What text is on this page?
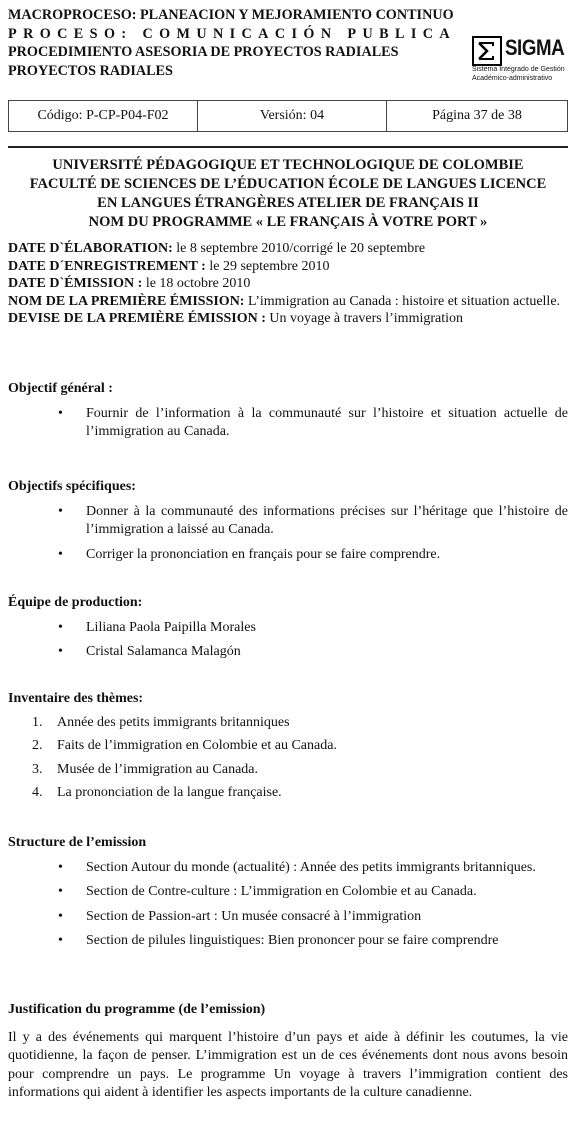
MACROPROCESO: PLANEACION Y MEJORAMIENTO CONTINUO
PROCESO: COMUNICACIÓN PUBLICA
PROCEDIMIENTO ASESORIA DE PROYECTOS RADIALES
PROYECTOS RADIALES
SIGMA
Sistema Integrado de Gestión
Académico-administrativo
Código: P-CP-P04-F02	Versión: 04	Página 37 de 38
UNIVERSITÉ PÉDAGOGIQUE ET TECHNOLOGIQUE DE COLOMBIE
FACULTÉ DE SCIENCES DE L’ÉDUCATION ÉCOLE DE LANGUES LICENCE
EN LANGUES ÉTRANGÈRES ATELIER DE FRANÇAIS II
NOM DU PROGRAMME « LE FRANÇAIS À VOTRE PORT »
DATE D`ÉLABORATION: le 8 septembre 2010/corrigé le 20 septembre
DATE D´ENREGISTREMENT : le 29 septembre 2010
DATE D`ÉMISSION : le 18 octobre 2010
NOM DE LA PREMIÈRE ÉMISSION: L’immigration au Canada : histoire et situation actuelle.
DEVISE DE LA PREMIÈRE ÉMISSION : Un voyage à travers l’immigration
Objectif général :
• Fournir de l’information à la communauté sur l’histoire et situation actuelle de l’immigration au Canada.
Objectifs spécifiques:
• Donner à la communauté des informations précises sur l’héritage que l’histoire de l’immigration a laissé au Canada.
• Corriger la prononciation en français pour se faire comprendre.
Équipe de production:
• Liliana Paola Paipilla Morales
• Cristal Salamanca Malagón
Inventaire des thèmes:
1. Année des petits immigrants britanniques
2. Faits de l’immigration en Colombie et au Canada.
3. Musée de l’immigration au Canada.
4. La prononciation de la langue française.
Structure de l’emission
• Section Autour du monde (actualité) : Année des petits immigrants britanniques.
• Section de Contre-culture : L’immigration en Colombie et au Canada.
• Section de Passion-art : Un musée consacré à l’immigration
• Section de pilules linguistiques: Bien prononcer pour se faire comprendre
Justification du programme (de l’emission)
Il y a des événements qui marquent l’histoire d’un pays et aide à définir les coutumes, la vie quotidienne, la façon de penser. L’immigration est un de ces événements dont nous avons besoin pour comprendre un pays. Le programme Un voyage à travers l’immigration contient des informations qui aident à identifier les aspects importants de la culture canadienne.
